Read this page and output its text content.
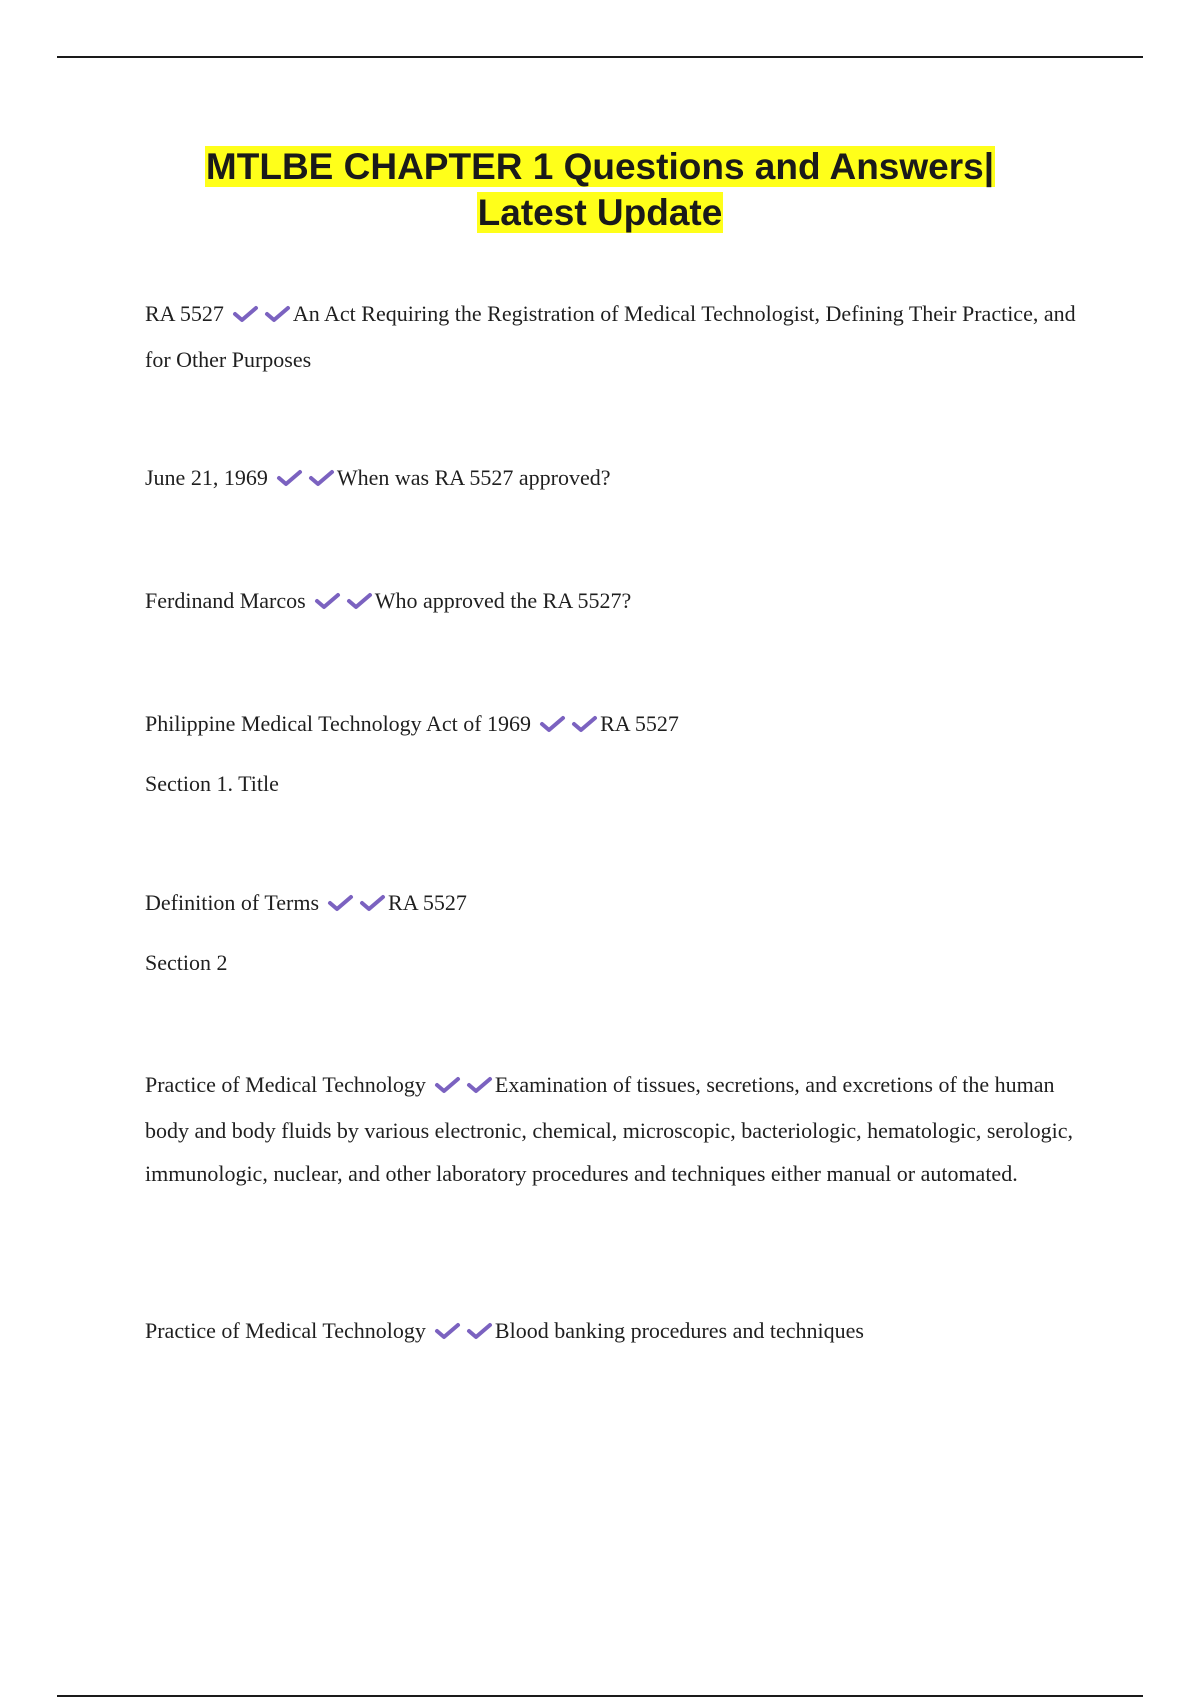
MTLBE CHAPTER 1 Questions and Answers|
Latest Update

RA 5527	An Act Requiring the Registration of Medical Technologist, Defining Their Practice, and for Other Purposes

June 21, 1969	When was RA 5527 approved?

Ferdinand Marcos	Who approved the RA 5527?

Philippine Medical Technology Act of 1969	RA 5527

Section 1. Title

Definition of Terms	RA 5527

Section 2

Practice of Medical Technology	Examination of tissues, secretions, and excretions of the human body and body fluids by various electronic, chemical, microscopic, bacteriologic, hematologic, serologic, immunologic, nuclear, and other laboratory procedures and techniques either manual or automated.

Practice of Medical Technology	Blood banking procedures and techniques
